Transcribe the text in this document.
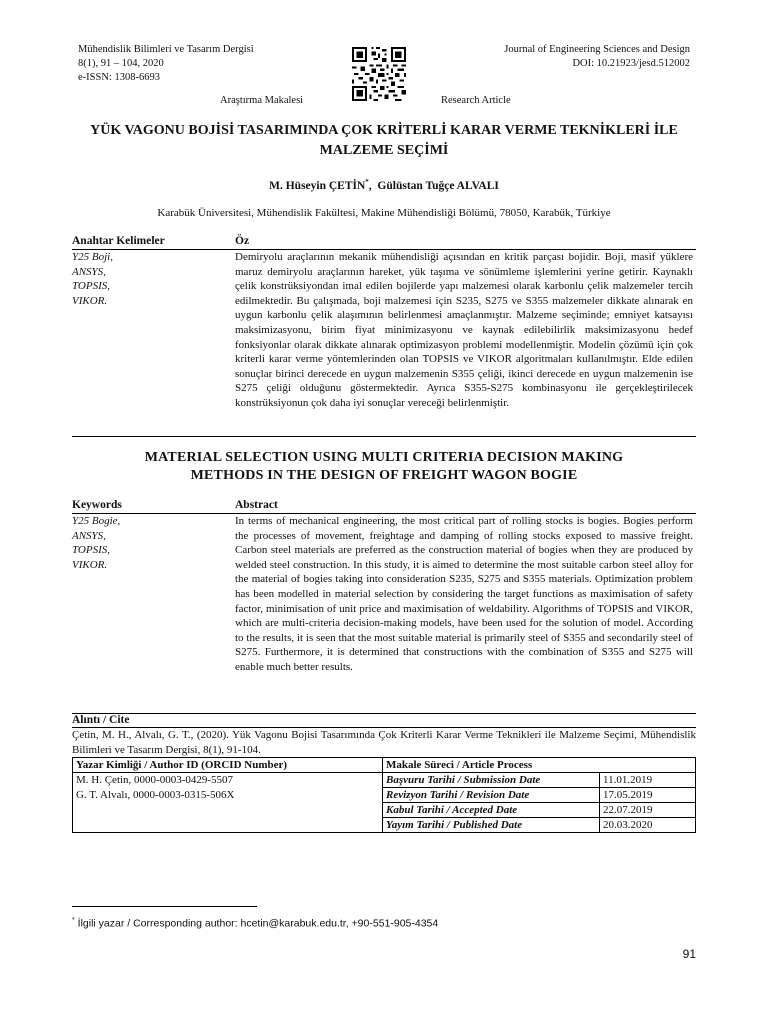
Mühendislik Bilimleri ve Tasarım Dergisi
8(1), 91 – 104, 2020
e-ISSN: 1308-6693
Journal of Engineering Sciences and Design
DOI: 10.21923/jesd.512002
Araştırma Makalesi	Research Article
YÜK VAGONU BOJİSİ TASARIMINDA ÇOK KRİTERLİ KARAR VERME TEKNİKLERİ İLE
MALZEME SEÇİMİ
M. Hüseyin ÇETİN*, Gülüstan Tuğçe ALVALI
Karabük Üniversitesi, Mühendislik Fakültesi, Makine Mühendisliği Bölümü, 78050, Karabük, Türkiye
Anahtar Kelimeler	Öz
Y25 Boji,
ANSYS,
TOPSIS,
VIKOR.
Demiryolu araçlarının mekanik mühendisliği açısından en kritik parçası bojidir. Boji, masif yüklere maruz demiryolu araçlarının hareket, yük taşıma ve sönümleme işlemlerini yerine getirir. Kaynaklı çelik konstrüksiyondan imal edilen bojilerde yapı malzemesi olarak karbonlu çelik malzemeler tercih edilmektedir. Bu çalışmada, boji malzemesi için S235, S275 ve S355 malzemeler dikkate alınarak en uygun karbonlu çelik alaşımının belirlenmesi amaçlanmıştır. Malzeme seçiminde; emniyet katsayısı maksimizasyonu, birim fiyat minimizasyonu ve kaynak edilebilirlik maksimizasyonu hedef fonksiyonlar olarak dikkate alınarak optimizasyon problemi modellenmiştir. Modelin çözümü için çok kriterli karar verme yöntemlerinden olan TOPSIS ve VIKOR algoritmaları kullanılmıştır. Elde edilen sonuçlar birinci derecede en uygun malzemenin S355 çeliği, ikinci derecede en uygun malzemenin ise S275 çeliği olduğunu göstermektedir. Ayrıca S355-S275 kombinasyonu ile gerçekleştirilecek konstrüksiyonun çok daha iyi sonuçlar vereceği belirlenmiştir.
MATERIAL SELECTION USING MULTI CRITERIA DECISION MAKING
METHODS IN THE DESIGN OF FREIGHT WAGON BOGIE
Keywords	Abstract
Y25 Bogie,
ANSYS,
TOPSIS,
VIKOR.
In terms of mechanical engineering, the most critical part of rolling stocks is bogies. Bogies perform the processes of movement, freightage and damping of rolling stocks exposed to massive freight. Carbon steel materials are preferred as the construction material of bogies when they are produced by welded steel construction. In this study, it is aimed to determine the most suitable carbon steel alloy for the material of bogies taking into consideration S235, S275 and S355 materials. Optimization problem has been modelled in material selection by considering the target functions as maximisation of safety factor, minimisation of unit price and maximisation of weldability. Algorithms of TOPSIS and VIKOR, which are multi-criteria decision-making models, have been used for the solution of model. According to the results, it is seen that the most suitable material is primarily steel of S355 and secondarily steel of S275. Furthermore, it is determined that constructions with the combination of S355 and S275 will enable much better results.
Alıntı / Cite
Çetin, M. H., Alvalı, G. T., (2020). Yük Vagonu Bojisi Tasarımında Çok Kriterli Karar Verme Teknikleri ile Malzeme Seçimi, Mühendislik Bilimleri ve Tasarım Dergisi, 8(1), 91-104.
Yazar Kimliği / Author ID (ORCID Number)	Makale Süreci / Article Process	
M. H. Çetin, 0000-0003-0429-5507	Başvuru Tarihi / Submission Date	11.01.2019
G. T. Alvalı, 0000-0003-0315-506X	Revizyon Tarihi / Revision Date	17.05.2019
	Kabul Tarihi / Accepted Date	22.07.2019
	Yayım Tarihi / Published Date	20.03.2020
* İlgili yazar / Corresponding author: hcetin@karabuk.edu.tr, +90-551-905-4354
91
